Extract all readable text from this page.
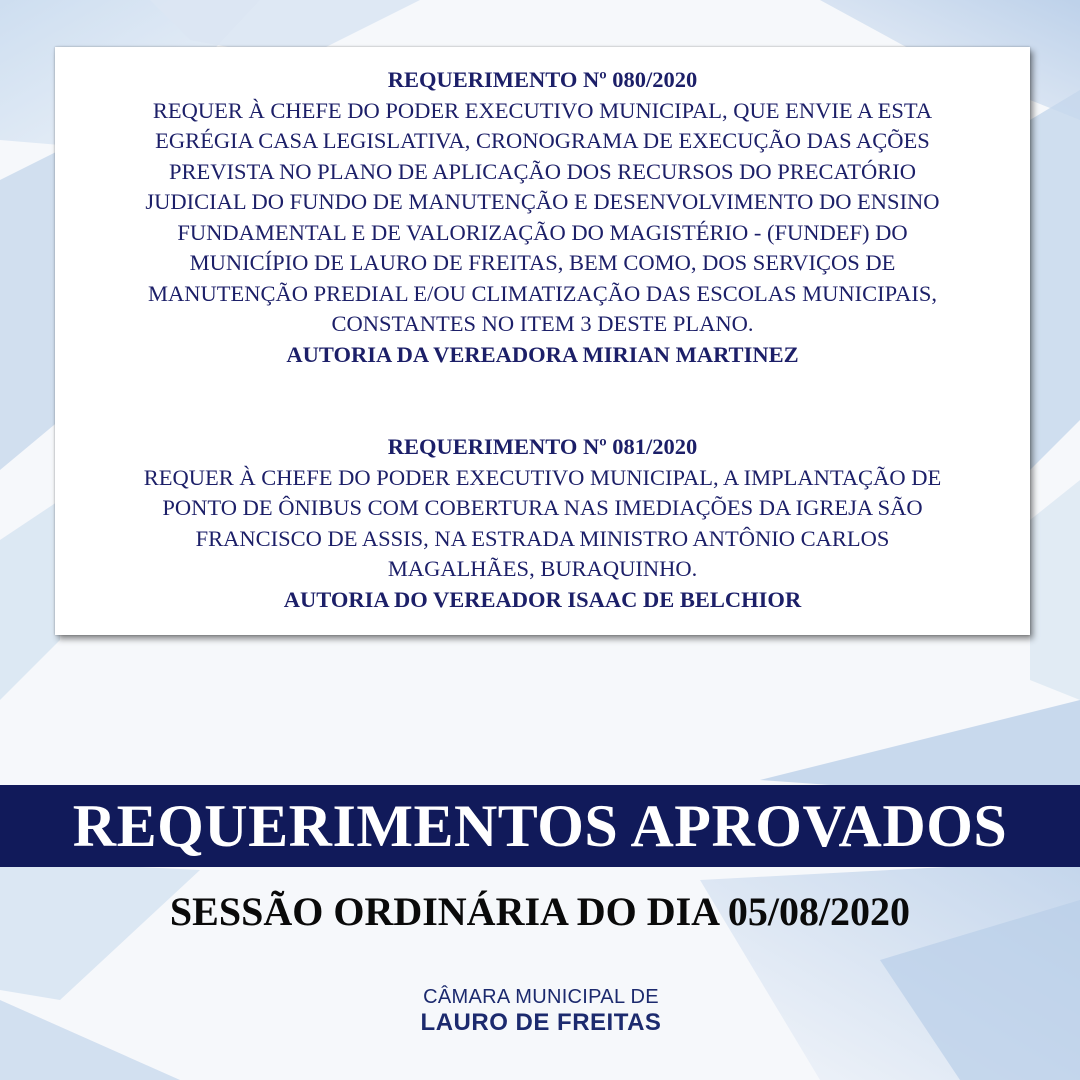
REQUERIMENTO Nº 080/2020
REQUER À CHEFE DO PODER EXECUTIVO MUNICIPAL, QUE ENVIE A ESTA
EGRÉGIA CASA LEGISLATIVA, CRONOGRAMA DE EXECUÇÃO DAS AÇÕES
PREVISTA NO PLANO DE APLICAÇÃO DOS RECURSOS DO PRECATÓRIO
JUDICIAL DO FUNDO DE MANUTENÇÃO E DESENVOLVIMENTO DO ENSINO
FUNDAMENTAL E DE VALORIZAÇÃO DO MAGISTÉRIO - (FUNDEF) DO
MUNICÍPIO DE LAURO DE FREITAS, BEM COMO, DOS SERVIÇOS DE
MANUTENÇÃO PREDIAL E/OU CLIMATIZAÇÃO DAS ESCOLAS MUNICIPAIS,
CONSTANTES NO ITEM 3 DESTE PLANO.
AUTORIA DA VEREADORA MIRIAN MARTINEZ
REQUERIMENTO Nº 081/2020
REQUER À CHEFE DO PODER EXECUTIVO MUNICIPAL, A IMPLANTAÇÃO DE
PONTO DE ÔNIBUS COM COBERTURA NAS IMEDIAÇÕES DA IGREJA SÃO
FRANCISCO DE ASSIS, NA ESTRADA MINISTRO ANTÔNIO CARLOS
MAGALHÃES, BURAQUINHO.
AUTORIA DO VEREADOR ISAAC DE BELCHIOR
REQUERIMENTOS APROVADOS
SESSÃO ORDINÁRIA DO DIA 05/08/2020
CÂMARA MUNICIPAL DE
LAURO DE FREITAS
